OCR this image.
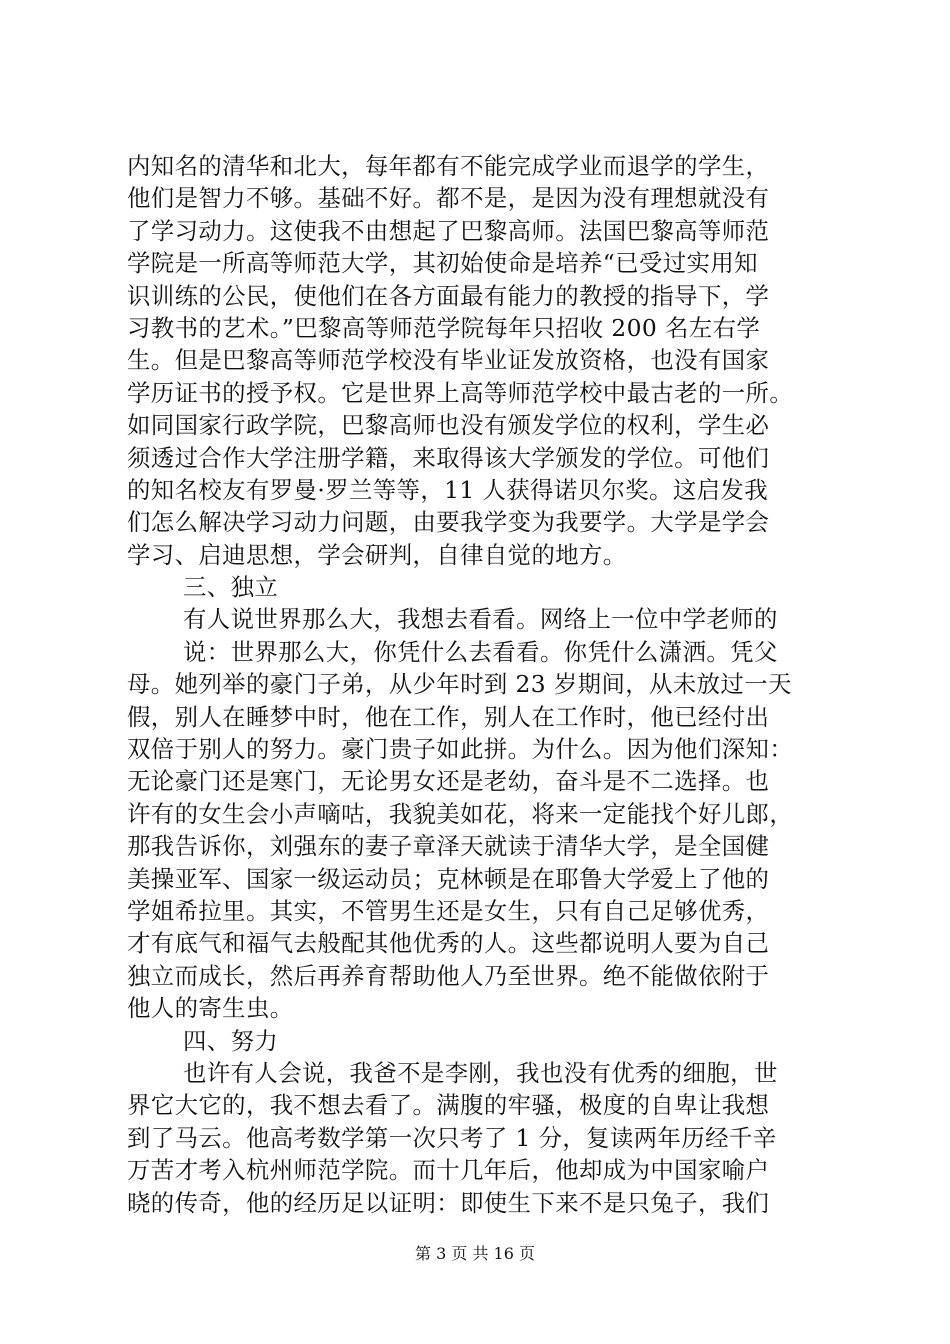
内知名的清华和北大，每年都有不能完成学业而退学的学生，
他们是智力不够。基础不好。都不是，是因为没有理想就没有
了学习动力。这使我不由想起了巴黎高师。法国巴黎高等师范
学院是一所高等师范大学，其初始使命是培养“已受过实用知
识训练的公民，使他们在各方面最有能力的教授的指导下，学
习教书的艺术。”巴黎高等师范学院每年只招收 200 名左右学
生。但是巴黎高等师范学校没有毕业证发放资格，也没有国家
学历证书的授予权。它是世界上高等师范学校中最古老的一所。
如同国家行政学院，巴黎高师也没有颁发学位的权利，学生必
须透过合作大学注册学籍，来取得该大学颁发的学位。可他们
的知名校友有罗曼·罗兰等等，11 人获得诺贝尔奖。这启发我
们怎么解决学习动力问题，由要我学变为我要学。大学是学会
学习、启迪思想，学会研判，自律自觉的地方。
三、独立
有人说世界那么大，我想去看看。网络上一位中学老师的
说：世界那么大，你凭什么去看看。你凭什么潇洒。凭父
母。她列举的豪门子弟，从少年时到 23 岁期间，从未放过一天
假，别人在睡梦中时，他在工作，别人在工作时，他已经付出
双倍于别人的努力。豪门贵子如此拼。为什么。因为他们深知：
无论豪门还是寒门，无论男女还是老幼，奋斗是不二选择。也
许有的女生会小声嘀咕，我貌美如花，将来一定能找个好儿郎，
那我告诉你，刘强东的妻子章泽天就读于清华大学，是全国健
美操亚军、国家一级运动员；克林顿是在耶鲁大学爱上了他的
学姐希拉里。其实，不管男生还是女生，只有自己足够优秀，
才有底气和福气去般配其他优秀的人。这些都说明人要为自己
独立而成长，然后再养育帮助他人乃至世界。绝不能做依附于
他人的寄生虫。
四、努力
也许有人会说，我爸不是李刚，我也没有优秀的细胞，世
界它大它的，我不想去看了。满腹的牢骚，极度的自卑让我想
到了马云。他高考数学第一次只考了 1 分，复读两年历经千辛
万苦才考入杭州师范学院。而十几年后，他却成为中国家喻户
晓的传奇，他的经历足以证明：即使生下来不是只兔子，我们
第 3 页 共 16 页
